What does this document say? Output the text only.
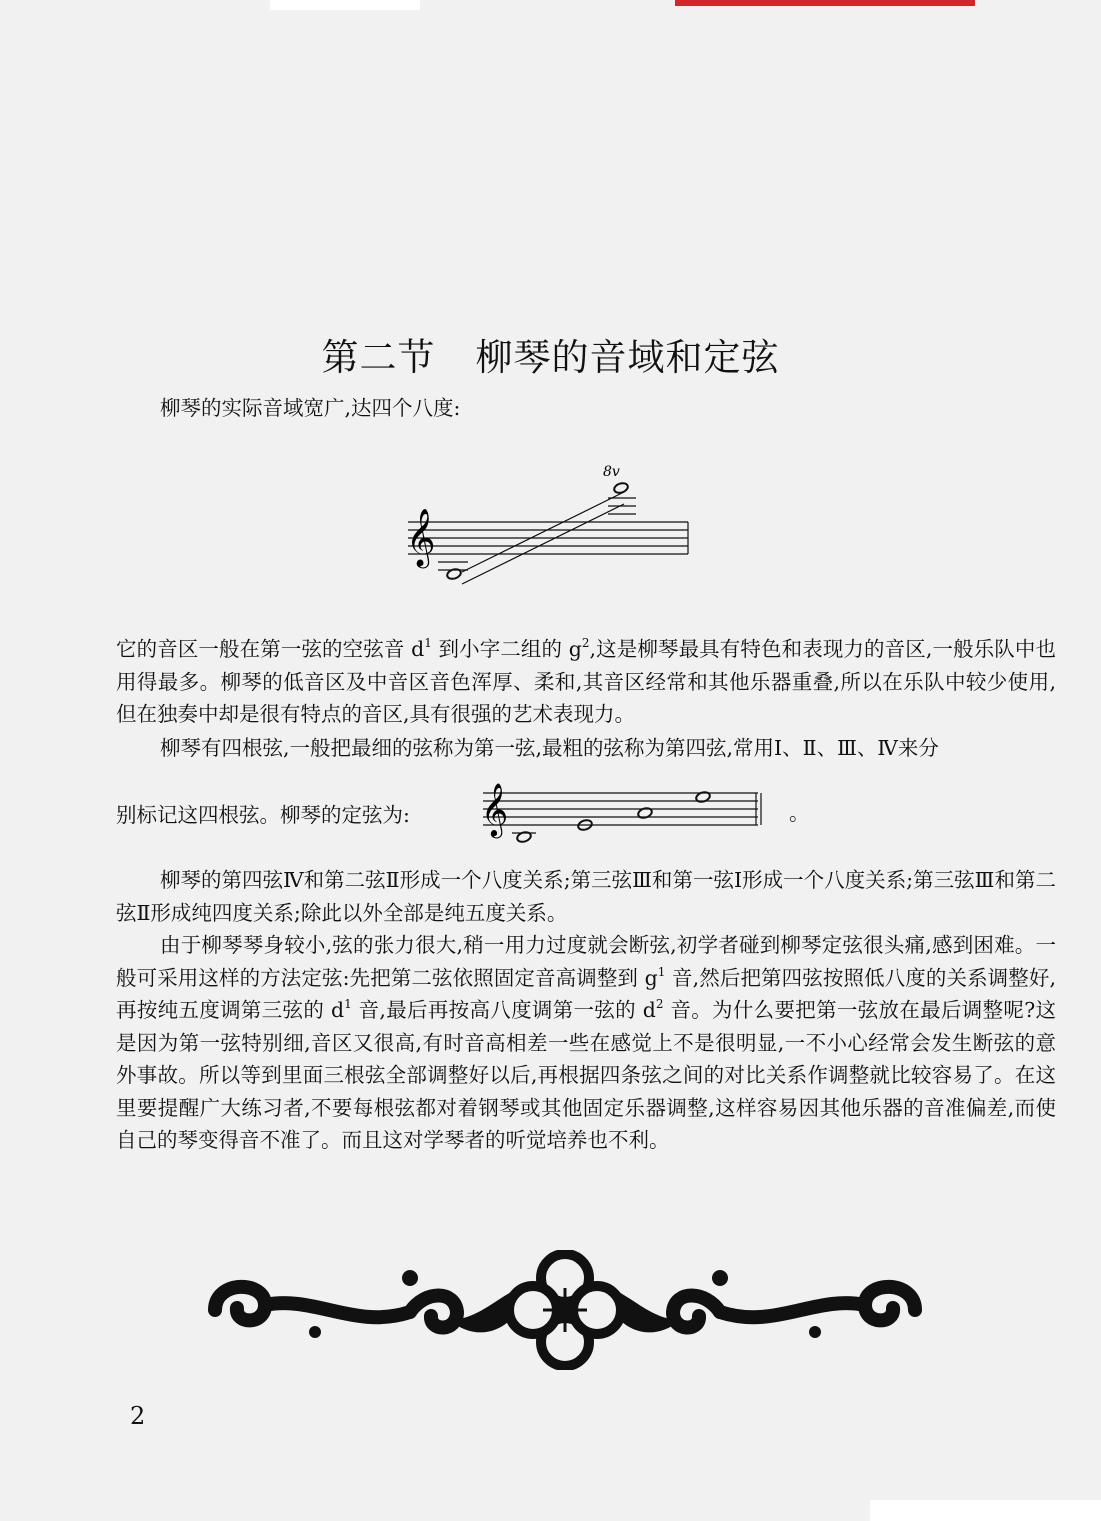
第二节 柳琴的音域和定弦
柳琴的实际音域宽广,达四个八度:
𝄞
8v
它的音区一般在第一弦的空弦音 $d^1$ 到小字二组的 $g^2$,这是柳琴最具有特色和表现力的音区,一般乐队中也用得最多。柳琴的低音区及中音区音色浑厚、柔和,其音区经常和其他乐器重叠,所以在乐队中较少使用,但在独奏中却是很有特点的音区,具有很强的艺术表现力。
柳琴有四根弦,一般把最细的弦称为第一弦,最粗的弦称为第四弦,常用Ⅰ、Ⅱ、Ⅲ、Ⅳ来分
别标记这四根弦。柳琴的定弦为: 𝄞	。
柳琴的第四弦Ⅳ和第二弦Ⅱ形成一个八度关系;第三弦Ⅲ和第一弦Ⅰ形成一个八度关系;第三弦Ⅲ和第二弦Ⅱ形成纯四度关系;除此以外全部是纯五度关系。
由于柳琴琴身较小,弦的张力很大,稍一用力过度就会断弦,初学者碰到柳琴定弦很头痛,感到困难。一般可采用这样的方法定弦:先把第二弦依照固定音高调整到 $g^1$ 音,然后把第四弦按照低八度的关系调整好,再按纯五度调第三弦的 $d^1$ 音,最后再按高八度调第一弦的 $d^2$ 音。为什么要把第一弦放在最后调整呢?这是因为第一弦特别细,音区又很高,有时音高相差一些在感觉上不是很明显,一不小心经常会发生断弦的意外事故。所以等到里面三根弦全部调整好以后,再根据四条弦之间的对比关系作调整就比较容易了。在这里要提醒广大练习者,不要每根弦都对着钢琴或其他固定乐器调整,这样容易因其他乐器的音准偏差,而使自己的琴变得音不准了。而且这对学琴者的听觉培养也不利。
2
